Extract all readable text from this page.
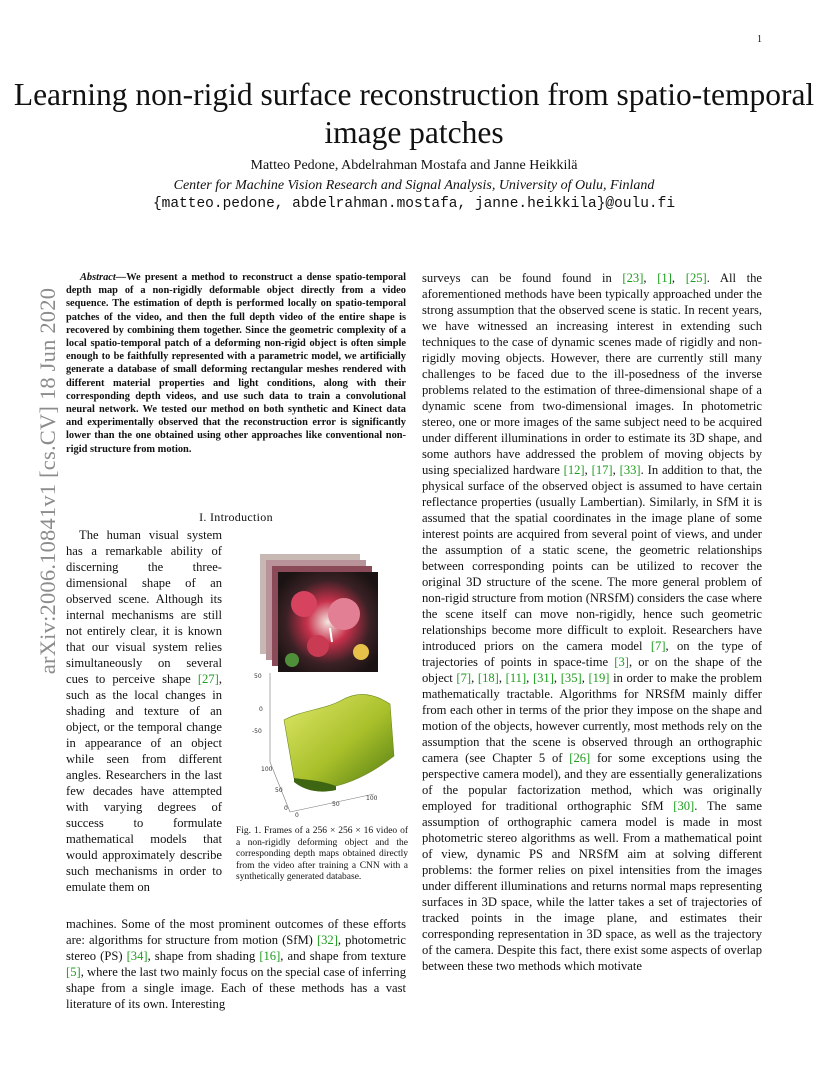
1
arXiv:2006.10841v1 [cs.CV] 18 Jun 2020
Learning non-rigid surface reconstruction from spatio-temporal image patches
Matteo Pedone, Abdelrahman Mostafa and Janne Heikkilä
Center for Machine Vision Research and Signal Analysis, University of Oulu, Finland
{matteo.pedone, abdelrahman.mostafa, janne.heikkila}@oulu.fi
Abstract—We present a method to reconstruct a dense spatio-temporal depth map of a non-rigidly deformable object directly from a video sequence. The estimation of depth is performed locally on spatio-temporal patches of the video, and then the full depth video of the entire shape is recovered by combining them together. Since the geometric complexity of a local spatio-temporal patch of a deforming non-rigid object is often simple enough to be faithfully represented with a parametric model, we artificially generate a database of small deforming rectangular meshes rendered with different material properties and light conditions, along with their corresponding depth videos, and use such data to train a convolutional neural network. We tested our method on both synthetic and Kinect data and experimentally observed that the reconstruction error is significantly lower than the one obtained using other approaches like conventional non-rigid structure from motion.
I. Introduction

The human visual system has a remarkable ability of discerning the three-dimensional shape of an observed scene. Although its internal mechanisms are still not entirely clear, it is known that our visual system relies simultaneously on several cues to perceive shape [27], such as the local changes in shading and texture of an object, or the temporal change in appearance of an object while seen from different angles. Researchers in the last few decades have attempted with varying degrees of success to formulate mathematical models that would approximately describe such mechanisms in order to emulate them on

machines. Some of the most prominent outcomes of these efforts are: algorithms for structure from motion (SfM) [32], photometric stereo (PS) [34], shape from shading [16], and shape from texture [5], where the last two mainly focus on the special case of inferring shape from a single image. Each of these methods has a vast literature of its own. Interesting
surveys can be found found in [23], [1], [25]. All the aforementioned methods have been typically approached under the strong assumption that the observed scene is static. In recent years, we have witnessed an increasing interest in extending such techniques to the case of dynamic scenes made of rigidly and non-rigidly moving objects. However, there are currently still many challenges to be faced due to the ill-posedness of the inverse problems related to the estimation of three-dimensional shape of a dynamic scene from two-dimensional images. In photometric stereo, one or more images of the same subject need to be acquired under different illuminations in order to estimate its 3D shape, and some authors have addressed the problem of moving objects by using specialized hardware [12], [17], [33]. In addition to that, the physical surface of the observed object is assumed to have certain reflectance properties (usually Lambertian). Similarly, in SfM it is assumed that the spatial coordinates in the image plane of some interest points are acquired from several point of views, and under the assumption of a static scene, the geometric relationships between corresponding points can be utilized to recover the original 3D structure of the scene. The more general problem of non-rigid structure from motion (NRSfM) considers the case where the scene itself can move non-rigidly, hence such geometric relationships become more difficult to exploit. Researchers have introduced priors on the camera model [7], on the type of trajectories of points in space-time [3], or on the shape of the object [7], [18], [11], [31], [35], [19] in order to make the problem mathematically tractable. Algorithms for NRSfM mainly differ from each other in terms of the prior they impose on the shape and motion of the objects, however currently, most methods rely on the assumption that the scene is observed through an orthographic camera (see Chapter 5 of [26] for some exceptions using the perspective camera model), and they are essentially generalizations of the popular factorization method, which was originally employed for traditional orthographic SfM [30]. The same assumption of orthographic camera model is made in most photometric stereo algorithms as well. From a mathematical point of view, dynamic PS and NRSfM aim at solving different problems: the former relies on pixel intensities from the images under different illuminations and returns normal maps representing surfaces in 3D space, while the latter takes a set of trajectories of tracked points in the image plane, and estimates their corresponding representation in 3D space, as well as the trajectory of the camera. Despite this fact, there exist some aspects of overlap between these two methods which motivate
50
0
-50
100
50
0
0
50
100
Fig. 1. Frames of a 256 × 256 × 16 video of a non-rigidly deforming object and the corresponding depth maps obtained directly from the video after training a CNN with a synthetically generated database.
